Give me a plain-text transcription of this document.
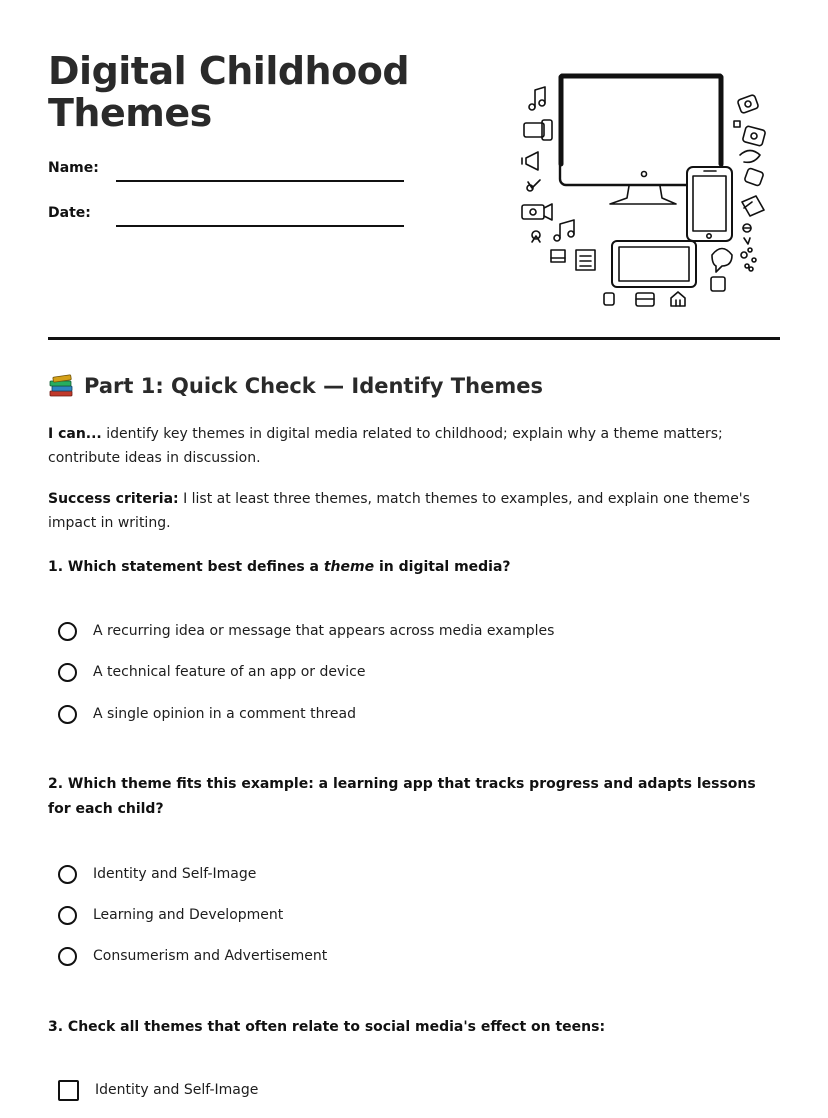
Digital Childhood Themes
Name:
Date:
Part 1: Quick Check — Identify Themes

I can... identify key themes in digital media related to childhood; explain why a theme matters; contribute ideas in discussion.

Success criteria: I list at least three themes, match themes to examples, and explain one theme's impact in writing.

1. Which statement best defines a theme in digital media?

A recurring idea or message that appears across media examples
A technical feature of an app or device
A single opinion in a comment thread

2. Which theme fits this example: a learning app that tracks progress and adapts lessons for each child?

Identity and Self-Image
Learning and Development
Consumerism and Advertisement

3. Check all themes that often relate to social media's effect on teens:

Identity and Self-Image
